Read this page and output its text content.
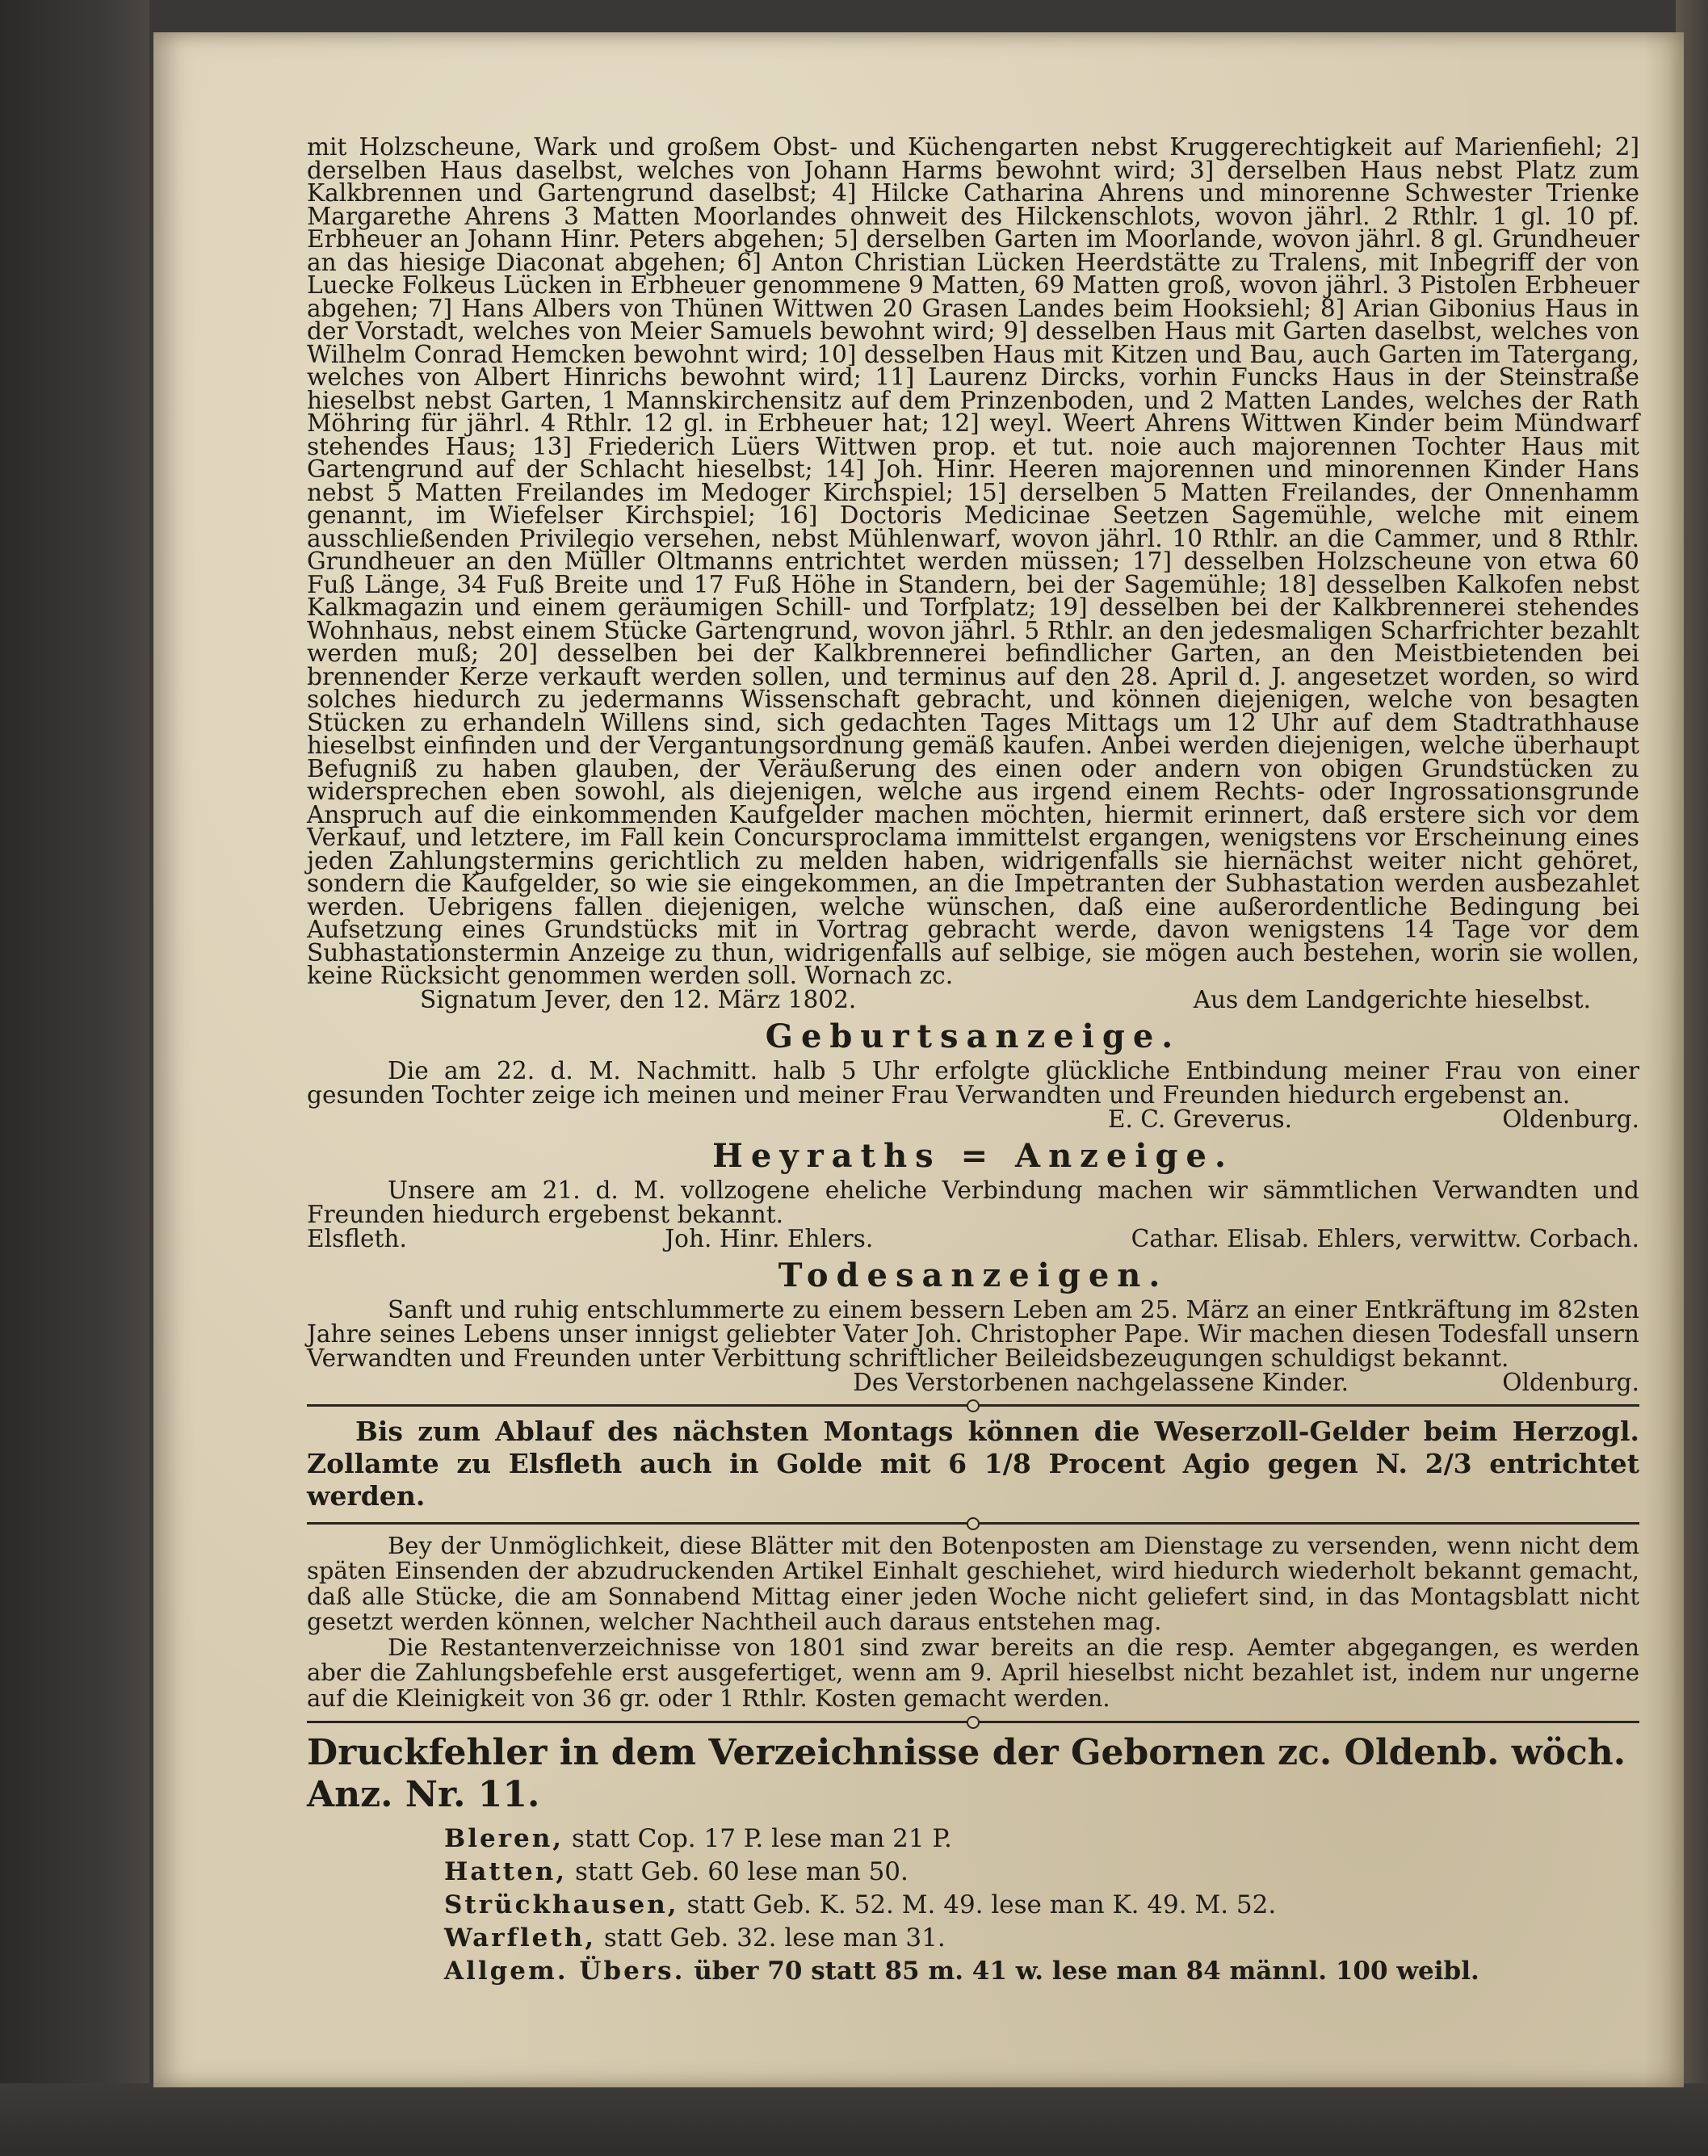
mit Holzscheune, Wark und großem Obst- und Küchengarten nebst Kruggerechtigkeit auf Marienfiehl; 2] derselben Haus daselbst, welches von Johann Harms bewohnt wird; 3] derselben Haus nebst Platz zum Kalkbrennen und Gartengrund daselbst; 4] Hilcke Catharina Ahrens und minorenne Schwester Trienke Margarethe Ahrens 3 Matten Moorlandes ohnweit des Hilckenschlots, wovon jährl. 2 Rthlr. 1 gl. 10 pf. Erbheuer an Johann Hinr. Peters abgehen; 5] derselben Garten im Moorlande, wovon jährl. 8 gl. Grundheuer an das hiesige Diaconat abgehen; 6] Anton Christian Lücken Heerdstätte zu Tralens, mit Inbegriff der von Luecke Folkeus Lücken in Erbheuer genommene 9 Matten, 69 Matten groß, wovon jährl. 3 Pistolen Erbheuer abgehen; 7] Hans Albers von Thünen Wittwen 20 Grasen Landes beim Hooksiehl; 8] Arian Gibonius Haus in der Vorstadt, welches von Meier Samuels bewohnt wird; 9] desselben Haus mit Garten daselbst, welches von Wilhelm Conrad Hemcken bewohnt wird; 10] desselben Haus mit Kitzen und Bau, auch Garten im Tatergang, welches von Albert Hinrichs bewohnt wird; 11] Laurenz Dircks, vorhin Funcks Haus in der Steinstraße hieselbst nebst Garten, 1 Mannskirchensitz auf dem Prinzenboden, und 2 Matten Landes, welches der Rath Möhring für jährl. 4 Rthlr. 12 gl. in Erbheuer hat; 12] weyl. Weert Ahrens Wittwen Kinder beim Mündwarf stehendes Haus; 13] Friederich Lüers Wittwen prop. et tut. noie auch majorennen Tochter Haus mit Gartengrund auf der Schlacht hieselbst; 14] Joh. Hinr. Heeren majorennen und minorennen Kinder Hans nebst 5 Matten Freilandes im Medoger Kirchspiel; 15] derselben 5 Matten Freilandes, der Onnenhamm genannt, im Wiefelser Kirchspiel; 16] Doctoris Medicinae Seetzen Sagemühle, welche mit einem ausschließenden Privilegio versehen, nebst Mühlenwarf, wovon jährl. 10 Rthlr. an die Cammer, und 8 Rthlr. Grundheuer an den Müller Oltmanns entrichtet werden müssen; 17] desselben Holzscheune von etwa 60 Fuß Länge, 34 Fuß Breite und 17 Fuß Höhe in Standern, bei der Sagemühle; 18] desselben Kalkofen nebst Kalkmagazin und einem geräumigen Schill- und Torfplatz; 19] desselben bei der Kalkbrennerei stehendes Wohnhaus, nebst einem Stücke Gartengrund, wovon jährl. 5 Rthlr. an den jedesmaligen Scharfrichter bezahlt werden muß; 20] desselben bei der Kalkbrennerei befindlicher Garten, an den Meistbietenden bei brennender Kerze verkauft werden sollen, und terminus auf den 28. April d. J. angesetzet worden, so wird solches hiedurch zu jedermanns Wissenschaft gebracht, und können diejenigen, welche von besagten Stücken zu erhandeln Willens sind, sich gedachten Tages Mittags um 12 Uhr auf dem Stadtrathhause hieselbst einfinden und der Vergantungsordnung gemäß kaufen. Anbei werden diejenigen, welche überhaupt Befugniß zu haben glauben, der Veräußerung des einen oder andern von obigen Grundstücken zu widersprechen eben sowohl, als diejenigen, welche aus irgend einem Rechts- oder Ingrossationsgrunde Anspruch auf die einkommenden Kaufgelder machen möchten, hiermit erinnert, daß erstere sich vor dem Verkauf, und letztere, im Fall kein Concursproclama immittelst ergangen, wenigstens vor Erscheinung eines jeden Zahlungstermins gerichtlich zu melden haben, widrigenfalls sie hiernächst weiter nicht gehöret, sondern die Kaufgelder, so wie sie eingekommen, an die Impetranten der Subhastation werden ausbezahlet werden. Uebrigens fallen diejenigen, welche wünschen, daß eine außerordentliche Bedingung bei Aufsetzung eines Grundstücks mit in Vortrag gebracht werde, davon wenigstens 14 Tage vor dem Subhastationstermin Anzeige zu thun, widrigenfalls auf selbige, sie mögen auch bestehen, worin sie wollen, keine Rücksicht genommen werden soll. Wornach zc.

Signatum Jever, den 12. März 1802.	Aus dem Landgerichte hieselbst.
Geburtsanzeige.

Die am 22. d. M. Nachmitt. halb 5 Uhr erfolgte glückliche Entbindung meiner Frau von einer gesunden Tochter zeige ich meinen und meiner Frau Verwandten und Freunden hiedurch ergebenst an.
Oldenburg.

E. C. Greverus.
Heyraths = Anzeige.

Unsere am 21. d. M. vollzogene eheliche Verbindung machen wir sämmtlichen Verwandten und Freunden hiedurch ergebenst bekannt.

Elsfleth.	Joh. Hinr. Ehlers.	Cathar. Elisab. Ehlers, verwittw. Corbach.
Todesanzeigen.

Sanft und ruhig entschlummerte zu einem bessern Leben am 25. März an einer Entkräftung im 82sten Jahre seines Lebens unser innigst geliebter Vater Joh. Christopher Pape. Wir machen diesen Todesfall unsern Verwandten und Freunden unter Verbittung schriftlicher Beileidsbezeugungen schuldigst bekannt.
Oldenburg.

Des Verstorbenen nachgelassene Kinder.

Bis zum Ablauf des nächsten Montags können die Weserzoll-Gelder beim Herzogl. Zollamte zu Elsfleth auch in Golde mit 6 1/8 Procent Agio gegen N. 2/3 entrichtet werden.

Bey der Unmöglichkeit, diese Blätter mit den Botenposten am Dienstage zu versenden, wenn nicht dem späten Einsenden der abzudruckenden Artikel Einhalt geschiehet, wird hiedurch wiederholt bekannt gemacht, daß alle Stücke, die am Sonnabend Mittag einer jeden Woche nicht geliefert sind, in das Montagsblatt nicht gesetzt werden können, welcher Nachtheil auch daraus entstehen mag.

Die Restantenverzeichnisse von 1801 sind zwar bereits an die resp. Aemter abgegangen, es werden aber die Zahlungsbefehle erst ausgefertiget, wenn am 9. April hieselbst nicht bezahlet ist, indem nur ungerne auf die Kleinigkeit von 36 gr. oder 1 Rthlr. Kosten gemacht werden.

Druckfehler in dem Verzeichnisse der Gebornen zc. Oldenb. wöch. Anz. Nr. 11.
Bleren, statt Cop. 17 P. lese man 21 P.
Hatten, statt Geb. 60 lese man 50.
Strückhausen, statt Geb. K. 52. M. 49. lese man K. 49. M. 52.
Warfleth, statt Geb. 32. lese man 31.
Allgem. Übers. über 70 statt 85 m. 41 w. lese man 84 männl. 100 weibl.
